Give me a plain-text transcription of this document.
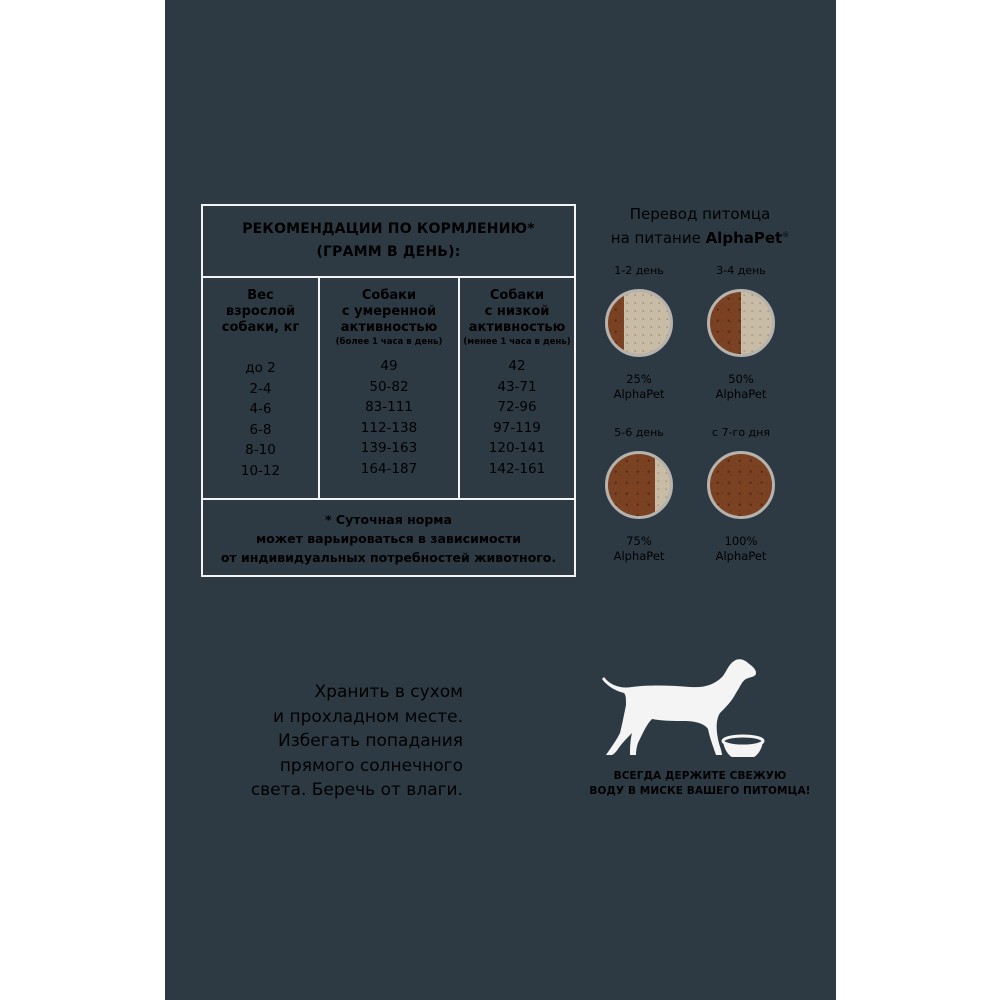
РЕКОМЕНДАЦИИ ПО КОРМЛЕНИЮ*
(ГРАММ В ДЕНЬ):
Вес
взрослой
собаки, кг
до 2
2-4
4-6
6-8
8-10
10-12
Собаки
с умеренной
активностью
(более 1 часа в день)
49
50-82
83-111
112-138
139-163
164-187
Собаки
с низкой
активностью
(менее 1 часа в день)
42
43-71
72-96
97-119
120-141
142-161
* Суточная норма
может варьироваться в зависимости
от индивидуальных потребностей животного.
Перевод питомца
на питание AlphaPet®
1-2 день
25%
AlphaPet
3-4 день
50%
AlphaPet
5-6 день
75%
AlphaPet
с 7-го дня
100%
AlphaPet
Хранить в сухом
и прохладном месте.
Избегать попадания
прямого солнечного
света. Беречь от влаги.
ВСЕГДА ДЕРЖИТЕ СВЕЖУЮ
ВОДУ В МИСКЕ ВАШЕГО ПИТОМЦА!
